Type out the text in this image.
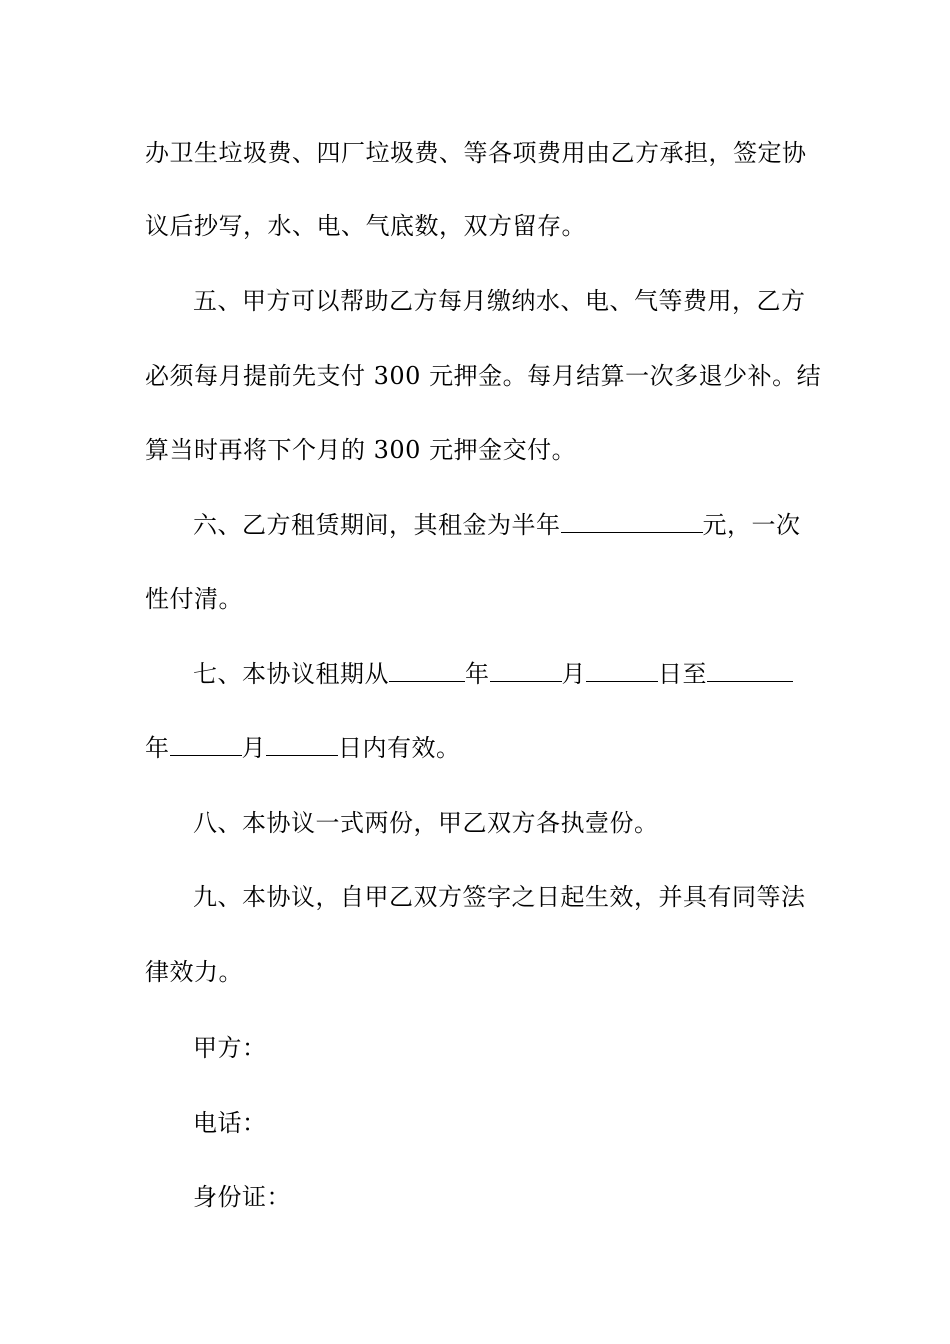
办卫生垃圾费、四厂垃圾费、等各项费用由乙方承担，签定协
议后抄写，水、电、气底数，双方留存。
五、甲方可以帮助乙方每月缴纳水、电、气等费用，乙方
必须每月提前先支付 300 元押金。每月结算一次多退少补。结
算当时再将下个月的 300 元押金交付。
六、乙方租赁期间，其租金为半年	元，一次
性付清。
七、本协议租期从	年	月	日至
年	月	日内有效。
八、本协议一式两份，甲乙双方各执壹份。
九、本协议，自甲乙双方签字之日起生效，并具有同等法
律效力。
甲方：
电话：
身份证：
